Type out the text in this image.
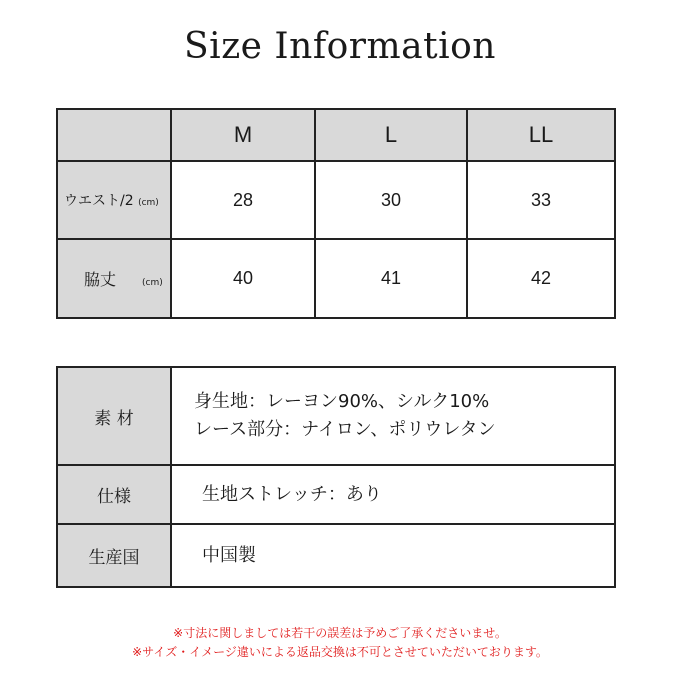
Size Information
	M	L	LL
ウエスト/2 (cm)	28	30	33
脇丈 (cm)	40	41	42
素 材	身生地：レーヨン90%、シルク10%
レース部分：ナイロン、ポリウレタン

仕様	生地ストレッチ：あり
生産国	中国製
※寸法に関しましては若干の誤差は予めご了承くださいませ。
※サイズ・イメージ違いによる返品交換は不可とさせていただいております。
